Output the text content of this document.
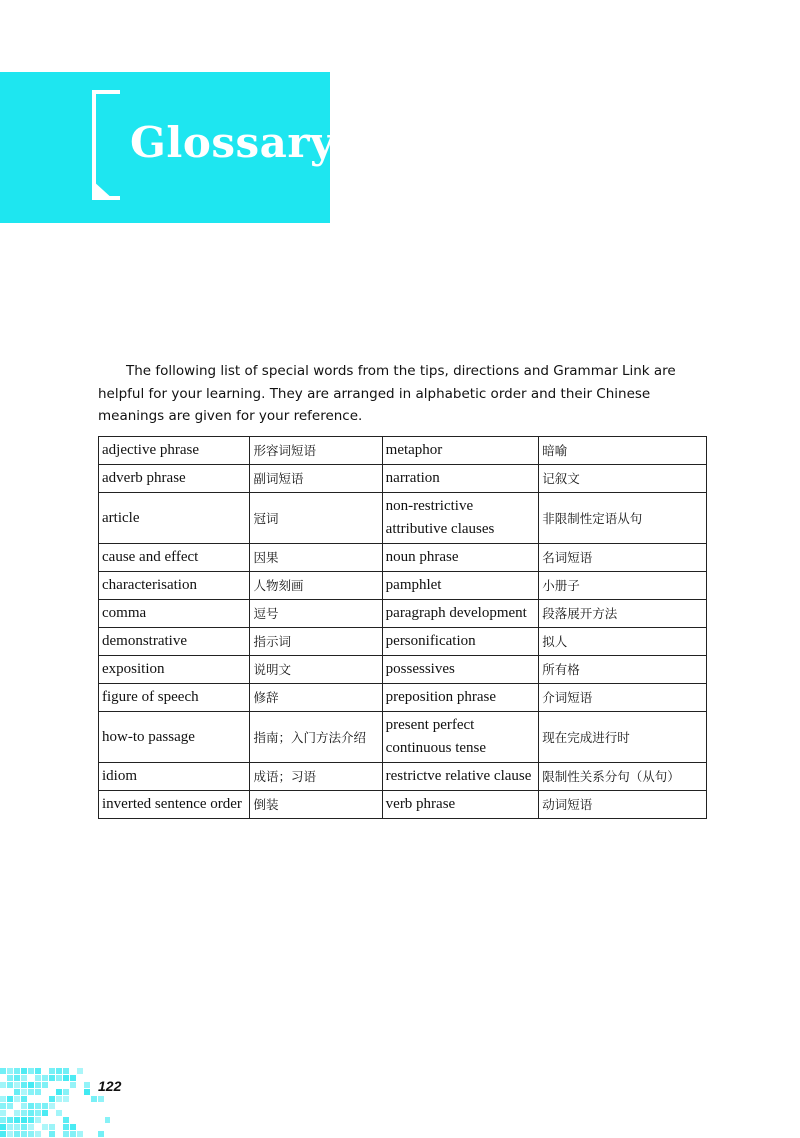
Glossary

The following list of special words from the tips, directions and Grammar Link are helpful for your learning. They are arranged in alphabetic order and their Chinese meanings are given for your reference.

adjective phrase	形容词短语	metaphor	暗喻
adverb phrase	副词短语	narration	记叙文
article	冠词	non-restrictive attributive clauses	非限制性定语从句
cause and effect	因果	noun phrase	名词短语
characterisation	人物刻画	pamphlet	小册子
comma	逗号	paragraph development	段落展开方法
demonstrative	指示词	personification	拟人
exposition	说明文	possessives	所有格
figure of speech	修辞	preposition phrase	介词短语
how-to passage	指南；入门方法介绍	present perfect continuous tense	现在完成进行时
idiom	成语；习语	restrictve relative clause	限制性关系分句（从句）
inverted sentence order	倒装	verb phrase	动词短语
122
